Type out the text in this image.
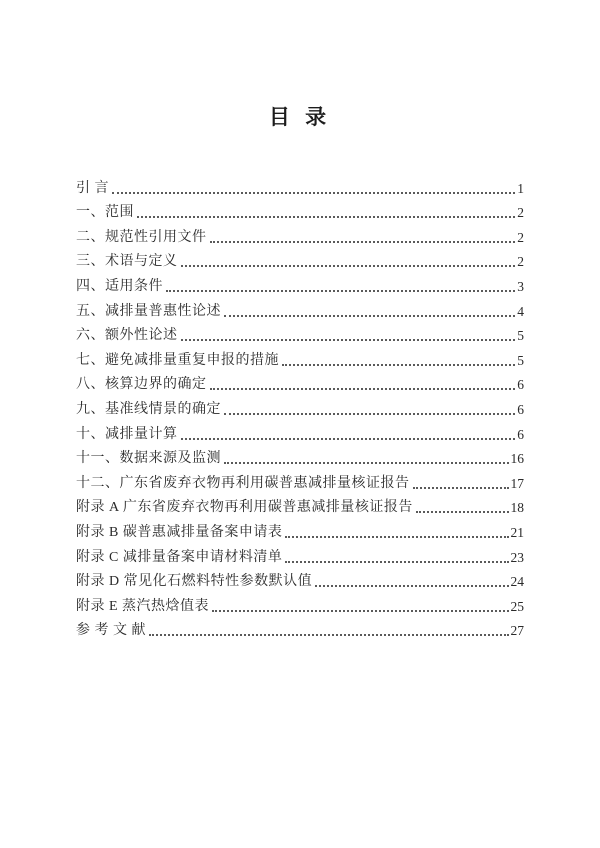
目 录
引 言	1
一、范围	2
二、规范性引用文件	2
三、术语与定义	2
四、适用条件	3
五、减排量普惠性论述	4
六、额外性论述	5
七、避免减排量重复申报的措施	5
八、核算边界的确定	6
九、基准线情景的确定	6
十、减排量计算	6
十一、数据来源及监测	16
十二、广东省废弃衣物再利用碳普惠减排量核证报告	17
附录 A 广东省废弃衣物再利用碳普惠减排量核证报告	18
附录 B 碳普惠减排量备案申请表	21
附录 C 减排量备案申请材料清单	23
附录 D 常见化石燃料特性参数默认值	24
附录 E 蒸汽热焓值表	25
参 考 文 献	27
